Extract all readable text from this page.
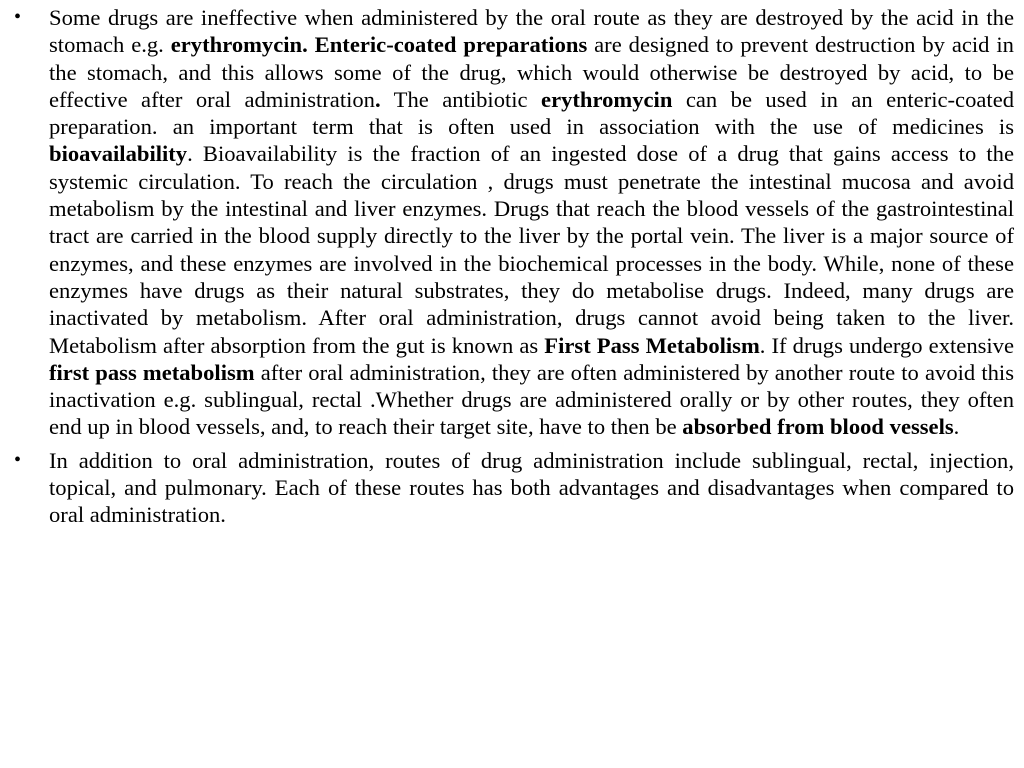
• Some drugs are ineffective when administered by the oral route as they are destroyed by the acid in the stomach e.g. erythromycin. Enteric-coated preparations are designed to prevent destruction by acid in the stomach, and this allows some of the drug, which would otherwise be destroyed by acid, to be effective after oral administration. The antibiotic erythromycin can be used in an enteric-coated preparation. an important term that is often used in association with the use of medicines is bioavailability. Bioavailability is the fraction of an ingested dose of a drug that gains access to the systemic circulation. To reach the circulation , drugs must penetrate the intestinal mucosa and avoid metabolism by the intestinal and liver enzymes. Drugs that reach the blood vessels of the gastrointestinal tract are carried in the blood supply directly to the liver by the portal vein. The liver is a major source of enzymes, and these enzymes are involved in the biochemical processes in the body. While, none of these enzymes have drugs as their natural substrates, they do metabolise drugs. Indeed, many drugs are inactivated by metabolism. After oral administration, drugs cannot avoid being taken to the liver. Metabolism after absorption from the gut is known as First Pass Metabolism. If drugs undergo extensive first pass metabolism after oral administration, they are often administered by another route to avoid this inactivation e.g. sublingual, rectal .Whether drugs are administered orally or by other routes, they often end up in blood vessels, and, to reach their target site, have to then be absorbed from blood vessels.
• In addition to oral administration, routes of drug administration include sublingual, rectal, injection, topical, and pulmonary. Each of these routes has both advantages and disadvantages when compared to oral administration.
